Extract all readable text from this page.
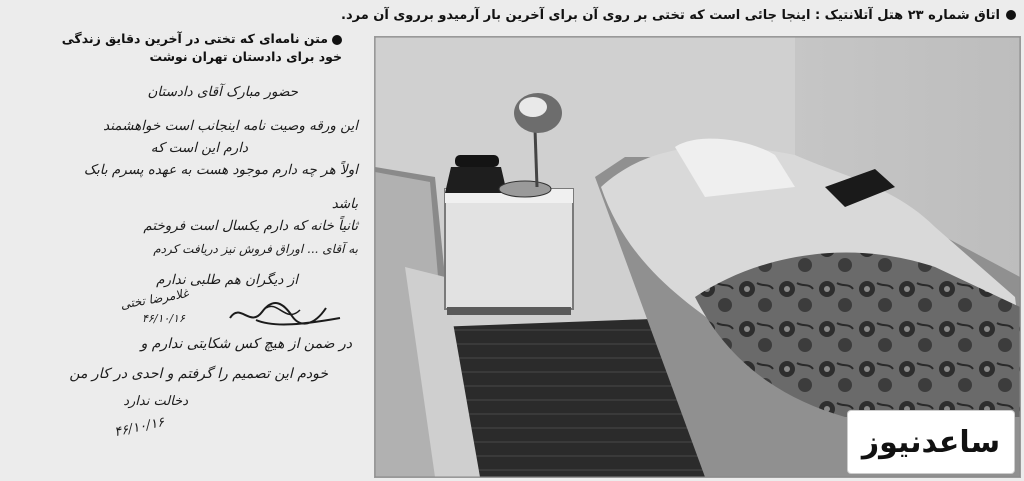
اتاق شماره ۲۳ هتل آتلانتیک : اینجا جائی است که تختی بر روی آن برای آخرین بار آرمیدو برروی آن مرد.
متن نامه‌ای که تختی در آخرین دقایق زندگی
خود برای دادستان تهران نوشت
حضور مبارک آقای دادستان
این ورقه وصیت نامه اینجانب است خواهشمند
دارم این است که
اولاً هر چه دارم موجود هست به عهده پسرم بابک
باشد
ثانیاً خانه که دارم یکسال است فروختم
به آقای ... اوراق فروش نیز دریافت کردم
از دیگران هم طلبی ندارم
غلامرضا تختی
۴۶/۱۰/۱۶
در ضمن از هیچ کس شکایتی ندارم و
خودم این تصمیم را گرفتم و احدی در کار من
دخالت ندارد
۴۶/۱۰/۱۶	ساعدنیوز
